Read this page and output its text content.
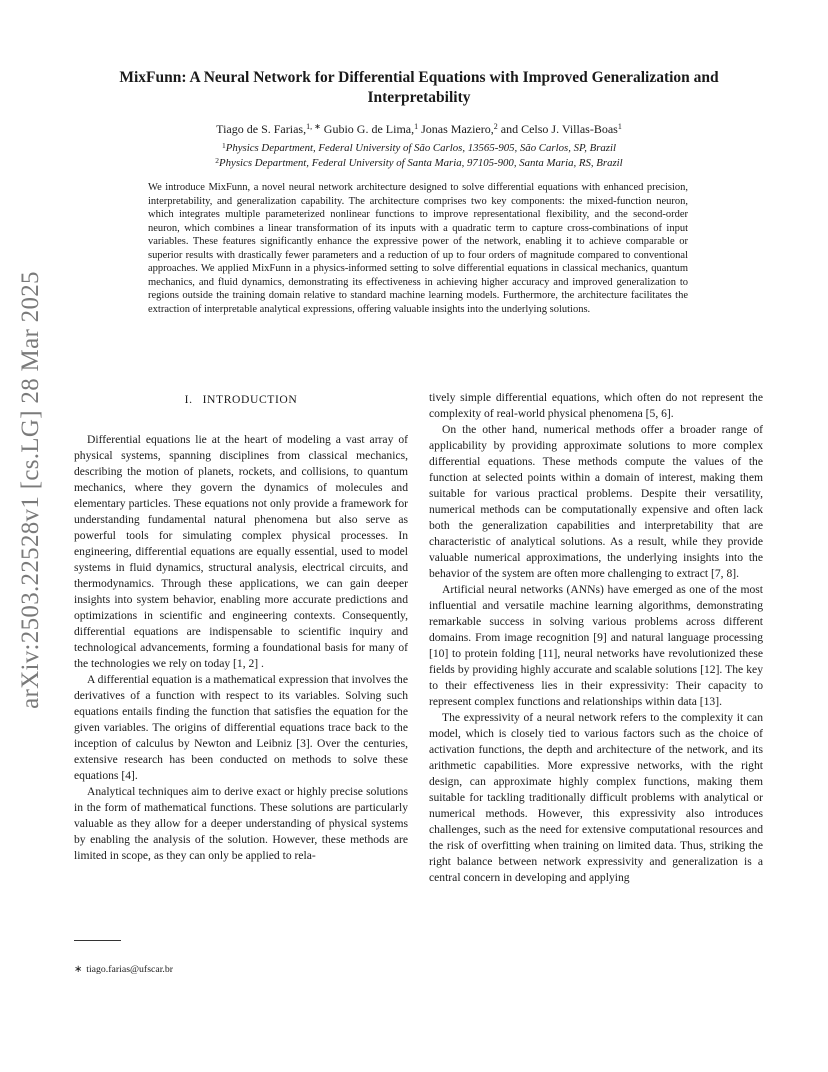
arXiv:2503.22528v1 [cs.LG] 28 Mar 2025
MixFunn: A Neural Network for Differential Equations with Improved Generalization and Interpretability
Tiago de S. Farias,$^{1, ∗}$ Gubio G. de Lima,$^1$ Jonas Maziero,$^2$ and Celso J. Villas-Boas$^1$
$^1$Physics Department, Federal University of São Carlos, 13565-905, São Carlos, SP, Brazil
$^2$Physics Department, Federal University of Santa Maria, 97105-900, Santa Maria, RS, Brazil
We introduce MixFunn, a novel neural network architecture designed to solve differential equations with enhanced precision, interpretability, and generalization capability. The architecture comprises two key components: the mixed-function neuron, which integrates multiple parameterized nonlinear functions to improve representational flexibility, and the second-order neuron, which combines a linear transformation of its inputs with a quadratic term to capture cross-combinations of input variables. These features significantly enhance the expressive power of the network, enabling it to achieve comparable or superior results with drastically fewer parameters and a reduction of up to four orders of magnitude compared to conventional approaches. We applied MixFunn in a physics-informed setting to solve differential equations in classical mechanics, quantum mechanics, and fluid dynamics, demonstrating its effectiveness in achieving higher accuracy and improved generalization to regions outside the training domain relative to standard machine learning models. Furthermore, the architecture facilitates the extraction of interpretable analytical expressions, offering valuable insights into the underlying solutions.
I. INTRODUCTION

Differential equations lie at the heart of modeling a vast array of physical systems, spanning disciplines from classical mechanics, describing the motion of planets, rockets, and collisions, to quantum mechanics, where they govern the dynamics of molecules and elementary particles. These equations not only provide a framework for understanding fundamental natural phenomena but also serve as powerful tools for simulating complex physical processes. In engineering, differential equations are equally essential, used to model systems in fluid dynamics, structural analysis, electrical circuits, and thermodynamics. Through these applications, we can gain deeper insights into system behavior, enabling more accurate predictions and optimizations in scientific and engineering contexts. Consequently, differential equations are indispensable to scientific inquiry and technological advancements, forming a foundational basis for many of the technologies we rely on today [1, 2] .

A differential equation is a mathematical expression that involves the derivatives of a function with respect to its variables. Solving such equations entails finding the function that satisfies the equation for the given variables. The origins of differential equations trace back to the inception of calculus by Newton and Leibniz [3]. Over the centuries, extensive research has been conducted on methods to solve these equations [4].

Analytical techniques aim to derive exact or highly precise solutions in the form of mathematical functions. These solutions are particularly valuable as they allow for a deeper understanding of physical systems by enabling the analysis of the solution. However, these methods are limited in scope, as they can only be applied to rela-

tively simple differential equations, which often do not represent the complexity of real-world physical phenomena [5, 6].

On the other hand, numerical methods offer a broader range of applicability by providing approximate solutions to more complex differential equations. These methods compute the values of the function at selected points within a domain of interest, making them suitable for various practical problems. Despite their versatility, numerical methods can be computationally expensive and often lack both the generalization capabilities and interpretability that are characteristic of analytical solutions. As a result, while they provide valuable numerical approximations, the underlying insights into the behavior of the system are often more challenging to extract [7, 8].

Artificial neural networks (ANNs) have emerged as one of the most influential and versatile machine learning algorithms, demonstrating remarkable success in solving various problems across different domains. From image recognition [9] and natural language processing [10] to protein folding [11], neural networks have revolutionized these fields by providing highly accurate and scalable solutions [12]. The key to their effectiveness lies in their expressivity: Their capacity to represent complex functions and relationships within data [13].

The expressivity of a neural network refers to the complexity it can model, which is closely tied to various factors such as the choice of activation functions, the depth and architecture of the network, and its arithmetic capabilities. More expressive networks, with the right design, can approximate highly complex functions, making them suitable for tackling traditionally difficult problems with analytical or numerical methods. However, this expressivity also introduces challenges, such as the need for extensive computational resources and the risk of overfitting when training on limited data. Thus, striking the right balance between network expressivity and generalization is a central concern in developing and applying

∗ tiago.farias@ufscar.br
